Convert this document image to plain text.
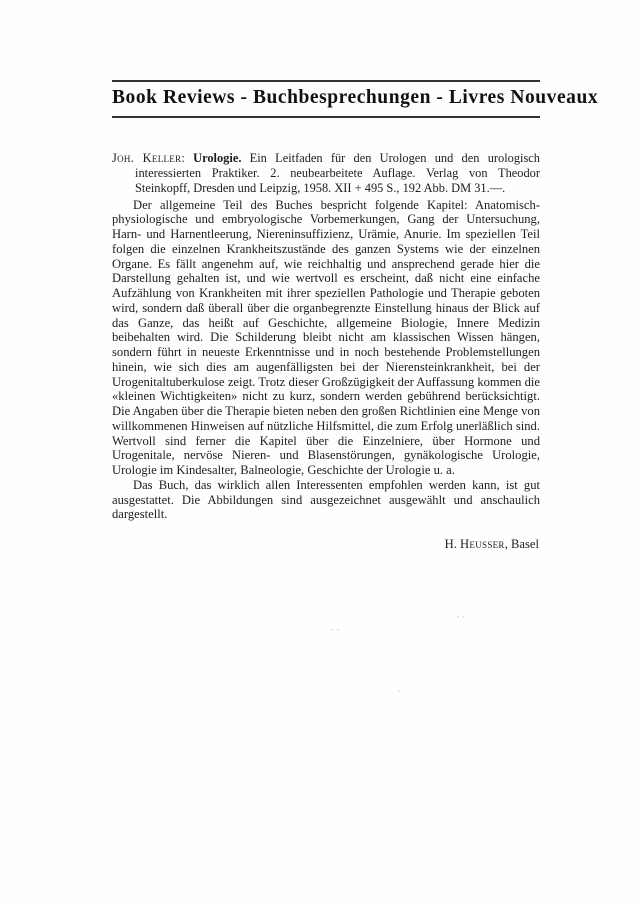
Book Reviews - Buchbesprechungen - Livres Nouveaux

Joh. Keller: Urologie. Ein Leitfaden für den Urologen und den urologisch interessierten Praktiker. 2. neubearbeitete Auflage. Verlag von Theodor Steinkopff, Dresden und Leipzig, 1958. XII + 495 S., 192 Abb. DM 31.—.

Der allgemeine Teil des Buches bespricht folgende Kapitel: Anatomisch-physiologische und embryologische Vorbemerkungen, Gang der Untersuchung, Harn- und Harnentleerung, Niereninsuffizienz, Urämie, Anurie. Im speziellen Teil folgen die einzelnen Krankheitszustände des ganzen Systems wie der einzelnen Organe. Es fällt angenehm auf, wie reichhaltig und ansprechend gerade hier die Darstellung gehalten ist, und wie wertvoll es erscheint, daß nicht eine einfache Aufzählung von Krankheiten mit ihrer speziellen Pathologie und Therapie geboten wird, sondern daß überall über die organbegrenzte Einstellung hinaus der Blick auf das Ganze, das heißt auf Geschichte, allgemeine Biologie, Innere Medizin beibehalten wird. Die Schilderung bleibt nicht am klassischen Wissen hängen, sondern führt in neueste Erkenntnisse und in noch bestehende Problemstellungen hinein, wie sich dies am augenfälligsten bei der Nierensteinkrankheit, bei der Urogenitaltuberkulose zeigt. Trotz dieser Großzügigkeit der Auffassung kommen die «kleinen Wichtigkeiten» nicht zu kurz, sondern werden gebührend berücksichtigt. Die Angaben über die Therapie bieten neben den großen Richtlinien eine Menge von willkommenen Hinweisen auf nützliche Hilfsmittel, die zum Erfolg unerläßlich sind. Wertvoll sind ferner die Kapitel über die Einzelniere, über Hormone und Urogenitale, nervöse Nieren- und Blasenstörungen, gynäkologische Urologie, Urologie im Kindesalter, Balneologie, Geschichte der Urologie u. a.

Das Buch, das wirklich allen Interessenten empfohlen werden kann, ist gut ausgestattet. Die Abbildungen sind ausgezeichnet ausgewählt und anschaulich dargestellt.

H. Heusser, Basel
